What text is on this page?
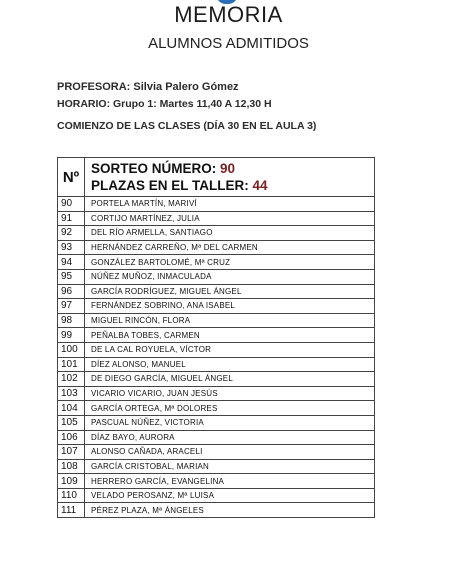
MEMORIA
ALUMNOS ADMITIDOS
PROFESORA: Silvia Palero Gómez
HORARIO: Grupo 1: Martes 11,40 A 12,30 H
COMIENZO DE LAS CLASES (DÍA 30 EN EL AULA 3)
Nº	SORTEO NÚMERO: 90
PLAZAS EN EL TALLER: 44

90	PORTELA MARTÍN, MARIVÍ
91	CORTIJO MARTÍNEZ, JULIA
92	DEL RÍO ARMELLA, SANTIAGO
93	HERNÁNDEZ CARREÑO, Mª DEL CARMEN
94	GONZÁLEZ BARTOLOMÉ, Mª CRUZ
95	NÚÑEZ MUÑOZ, INMACULADA
96	GARCÍA RODRÍGUEZ, MIGUEL ÁNGEL
97	FERNÁNDEZ SOBRINO, ANA ISABEL
98	MIGUEL RINCÓN, FLORA
99	PEÑALBA TOBES, CARMEN
100	DE LA CAL ROYUELA, VÍCTOR
101	DÍEZ ALONSO, MANUEL
102	DE DIEGO GARCÍA, MIGUEL ÁNGEL
103	VICARIO VICARIO, JUAN JESÚS
104	GARCÍA ORTEGA, Mª DOLORES
105	PASCUAL NÚÑEZ, VICTORIA
106	DÍAZ BAYO, AURORA
107	ALONSO CAÑADA, ARACELI
108	GARCÍA CRISTOBAL, MARIAN
109	HERRERO GARCÍA, EVANGELINA
110	VELADO PEROSANZ, Mª LUISA
111	PÉREZ PLAZA, Mª ÁNGELES
